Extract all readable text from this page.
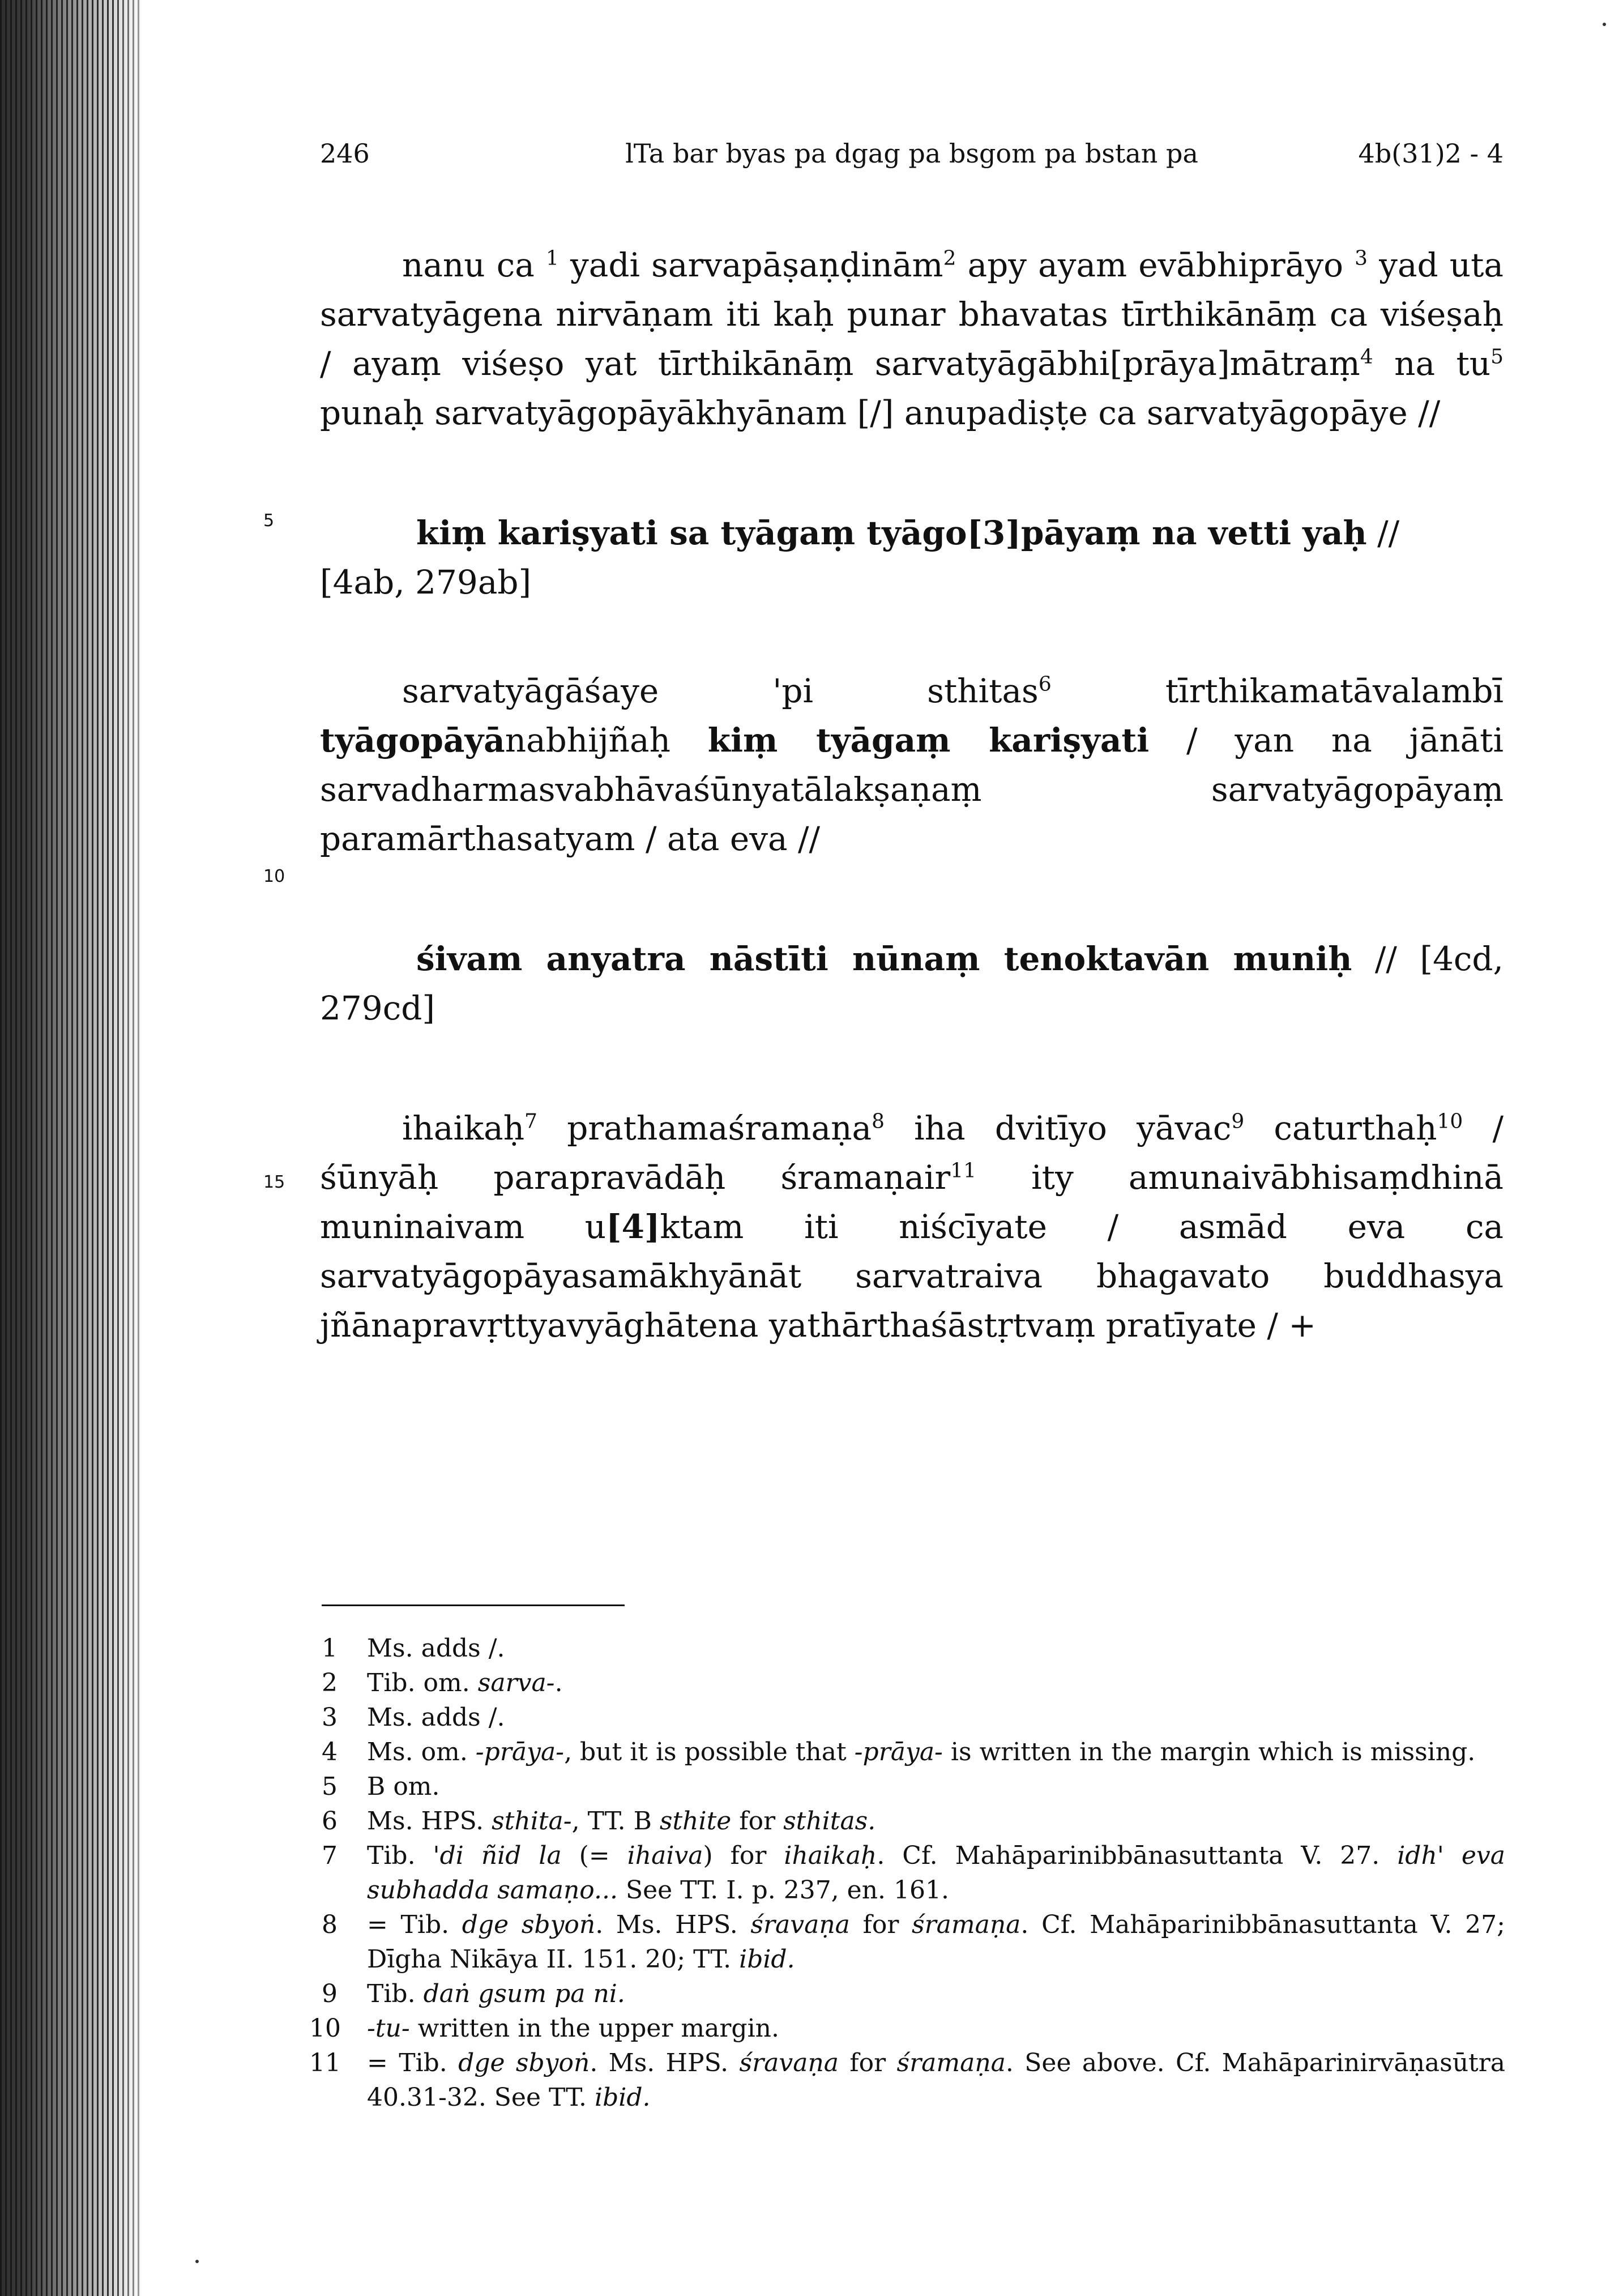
246	lTa bar byas pa dgag pa bsgom pa bstan pa	4b(31)2 - 4
5
10
15

nanu ca $^1$ yadi sarvapāṣaṇḍinām$^2$ apy ayam evābhiprāyo $^3$ yad uta sarvatyāgena nirvāṇam iti kaḥ punar bhavatas tīrthikānāṃ ca viśeṣaḥ / ayaṃ viśeṣo yat tīrthikānāṃ sarvatyāgābhi[prāya]mātraṃ$^4$ na $tu^5$ punaḥ sarvatyāgopāyākhyānam [/] anupadiṣṭe ca sarvatyāgopāye //

kiṃ kariṣyati sa tyāgaṃ tyāgo[3]pāyaṃ na vetti yaḥ //

[4ab, 279ab]

sarvatyāgāśaye 'pi sthitas$^6$ tīrthikamatāvalambī tyāgopāyānabhijñaḥ kiṃ tyāgaṃ kariṣyati / yan na jānāti sarvadharmasvabhāvaśūnyatālakṣaṇaṃ sarvatyāgopāyaṃ paramārthasatyam / ata eva //

śivam anyatra nāstīti nūnaṃ tenoktavān muniḥ // [4cd, 279cd]

ihaikaḥ$^7$ prathamaśramaṇa$^8$ iha dvitīyo yāvac$^9$ caturthaḥ$^{10}$ / śūnyāḥ parapravādāḥ śramaṇair$^{11}$ ity amunaivābhisaṃdhinā muninaivam u[4]ktam iti niścīyate / asmād eva ca sarvatyāgopāyasamākhyānāt sarvatraiva bhagavato buddhasya jñānapravṛttyavyāghātena yathārthaśāstṛtvaṃ pratīyate / +

1 Ms. adds /.
2 Tib. om. sarva-.
3 Ms. adds /.
4 Ms. om. -prāya-, but it is possible that -prāya- is written in the margin which is missing.
5 B om.
6 Ms. HPS. sthita-, TT. B sthite for sthitas.
7 Tib. 'di ñid la (= ihaiva) for ihaikaḥ. Cf. Mahāparinibbānasuttanta V. 27. idh' eva subhadda samaṇo... See TT. I. p. 237, en. 161.
8 = Tib. dge sbyoṅ. Ms. HPS. śravaṇa for śramaṇa. Cf. Mahāparinibbānasuttanta V. 27; Dīgha Nikāya II. 151. 20; TT. ibid.
9 Tib. daṅ gsum pa ni.
10 -tu- written in the upper margin.
11 = Tib. dge sbyoṅ. Ms. HPS. śravaṇa for śramaṇa. See above. Cf. Mahāparinirvāṇasūtra 40.31-32. See TT. ibid.
